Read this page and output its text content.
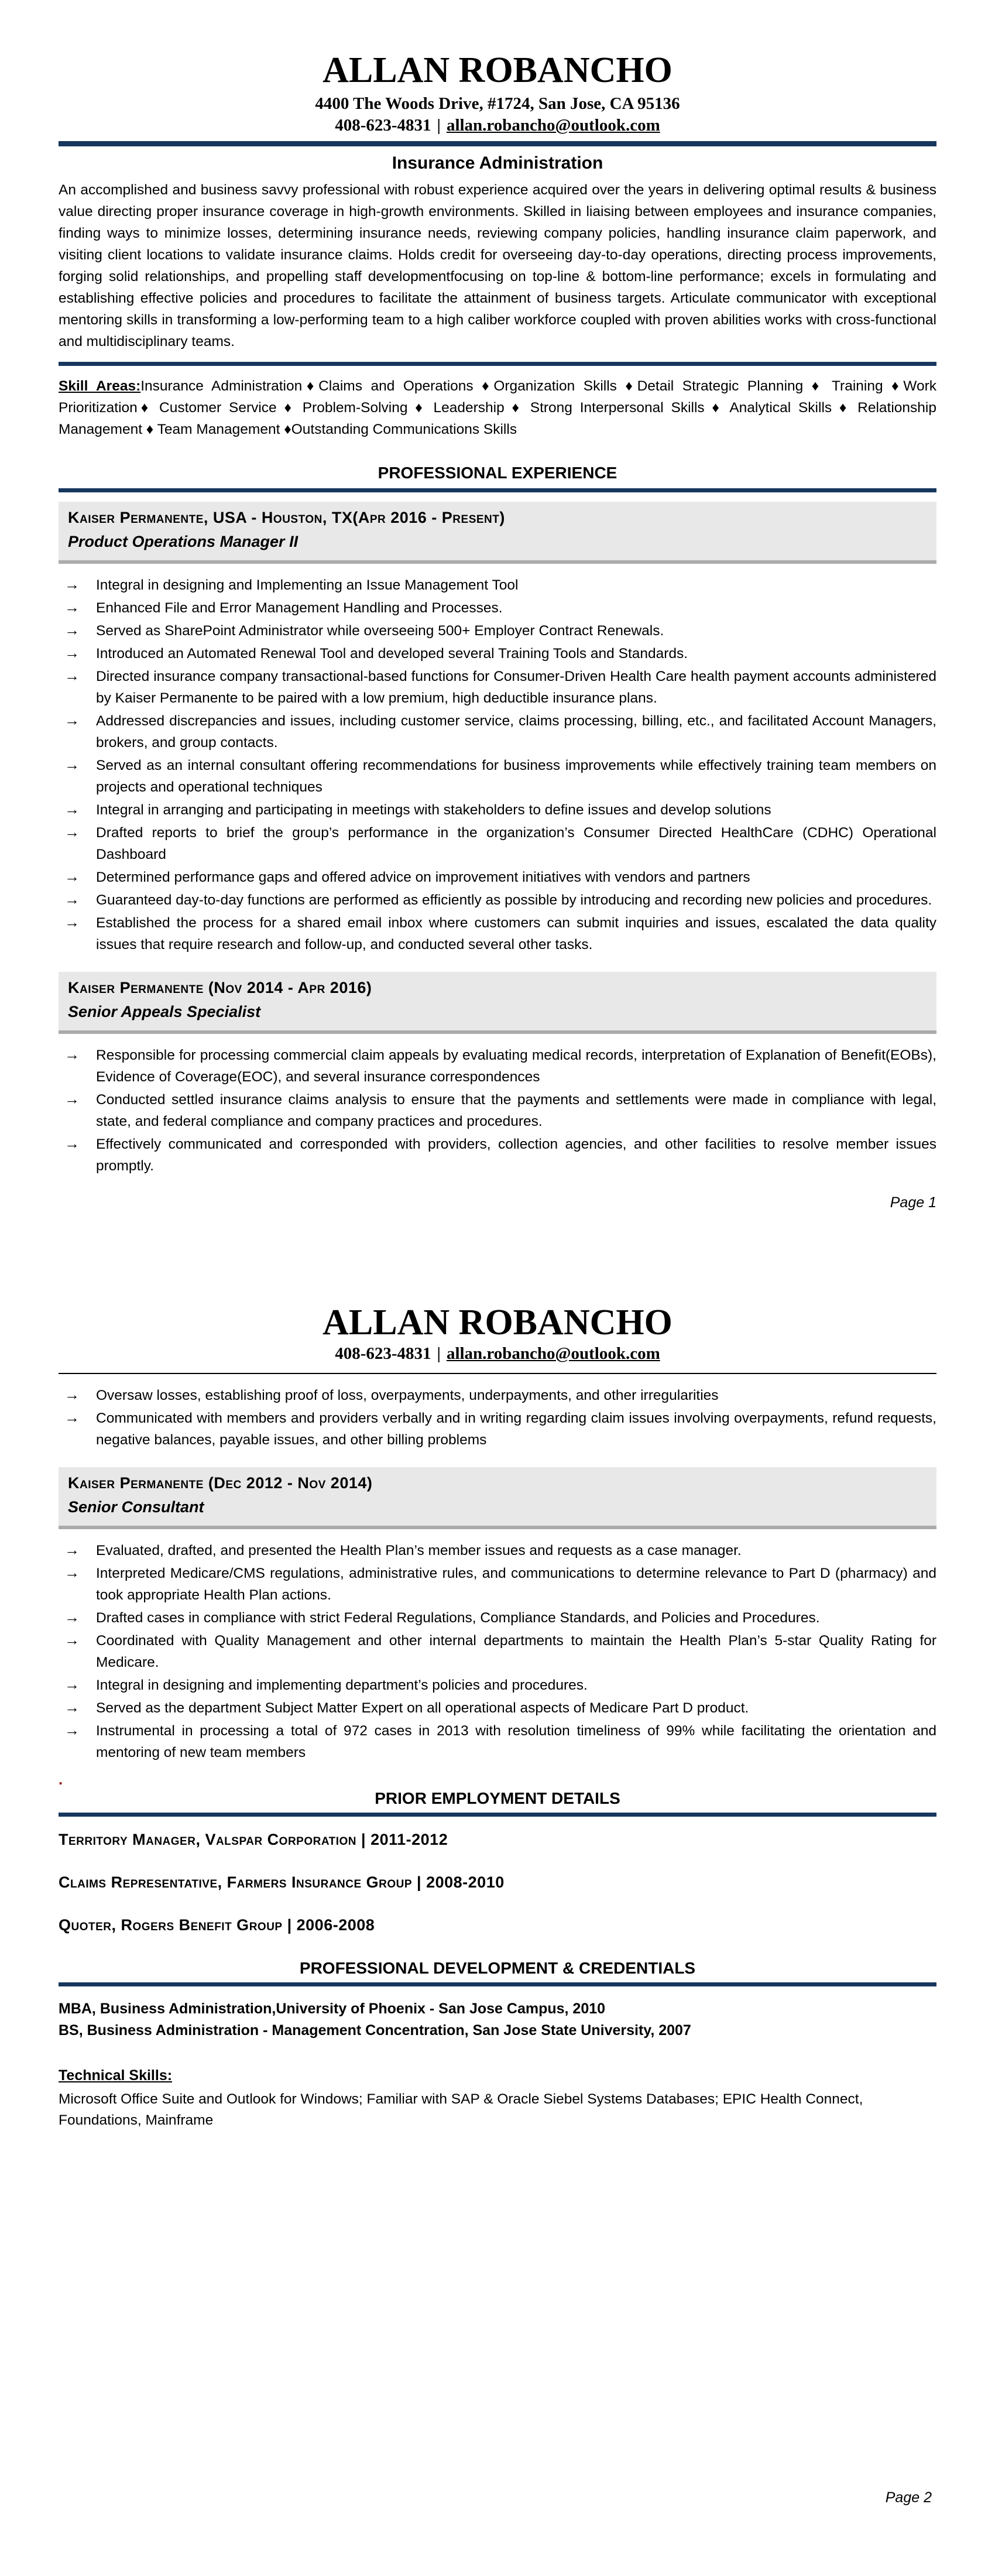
ALLAN ROBANCHO
4400 The Woods Drive, #1724, San Jose, CA 95136
408-623-4831 | allan.robancho@outlook.com
Insurance Administration
An accomplished and business savvy professional with robust experience acquired over the years in delivering optimal results & business value directing proper insurance coverage in high-growth environments. Skilled in liaising between employees and insurance companies, finding ways to minimize losses, determining insurance needs, reviewing company policies, handling insurance claim paperwork, and visiting client locations to validate insurance claims. Holds credit for overseeing day-to-day operations, directing process improvements, forging solid relationships, and propelling staff developmentfocusing on top-line & bottom-line performance; excels in formulating and establishing effective policies and procedures to facilitate the attainment of business targets. Articulate communicator with exceptional mentoring skills in transforming a low-performing team to a high caliber workforce coupled with proven abilities works with cross-functional and multidisciplinary teams.
Skill Areas:Insurance Administration♦Claims and Operations ♦Organization Skills ♦Detail Strategic Planning ♦ Training ♦Work Prioritization♦ Customer Service ♦ Problem-Solving ♦ Leadership ♦ Strong Interpersonal Skills ♦ Analytical Skills ♦ Relationship Management ♦ Team Management ♦Outstanding Communications Skills
PROFESSIONAL EXPERIENCE
Kaiser Permanente, USA - Houston, TX(Apr 2016 - Present)
Product Operations Manager II
→ Integral in designing and Implementing an Issue Management Tool
→ Enhanced File and Error Management Handling and Processes.
→ Served as SharePoint Administrator while overseeing 500+ Employer Contract Renewals.
→ Introduced an Automated Renewal Tool and developed several Training Tools and Standards.
→ Directed insurance company transactional-based functions for Consumer-Driven Health Care health payment accounts administered by Kaiser Permanente to be paired with a low premium, high deductible insurance plans.
→ Addressed discrepancies and issues, including customer service, claims processing, billing, etc., and facilitated Account Managers, brokers, and group contacts.
→ Served as an internal consultant offering recommendations for business improvements while effectively training team members on projects and operational techniques
→ Integral in arranging and participating in meetings with stakeholders to define issues and develop solutions
→ Drafted reports to brief the group’s performance in the organization’s Consumer Directed HealthCare (CDHC) Operational Dashboard
→ Determined performance gaps and offered advice on improvement initiatives with vendors and partners
→ Guaranteed day-to-day functions are performed as efficiently as possible by introducing and recording new policies and procedures.
→ Established the process for a shared email inbox where customers can submit inquiries and issues, escalated the data quality issues that require research and follow-up, and conducted several other tasks.
Kaiser Permanente (Nov 2014 - Apr 2016)
Senior Appeals Specialist
→ Responsible for processing commercial claim appeals by evaluating medical records, interpretation of Explanation of Benefit(EOBs), Evidence of Coverage(EOC), and several insurance correspondences
→ Conducted settled insurance claims analysis to ensure that the payments and settlements were made in compliance with legal, state, and federal compliance and company practices and procedures.
→ Effectively communicated and corresponded with providers, collection agencies, and other facilities to resolve member issues promptly.
Page 1
ALLAN ROBANCHO
408-623-4831 | allan.robancho@outlook.com
→ Oversaw losses, establishing proof of loss, overpayments, underpayments, and other irregularities
→ Communicated with members and providers verbally and in writing regarding claim issues involving overpayments, refund requests, negative balances, payable issues, and other billing problems
Kaiser Permanente (Dec 2012 - Nov 2014)
Senior Consultant
→ Evaluated, drafted, and presented the Health Plan’s member issues and requests as a case manager.
→ Interpreted Medicare/CMS regulations, administrative rules, and communications to determine relevance to Part D (pharmacy) and took appropriate Health Plan actions.
→ Drafted cases in compliance with strict Federal Regulations, Compliance Standards, and Policies and Procedures.
→ Coordinated with Quality Management and other internal departments to maintain the Health Plan’s 5-star Quality Rating for Medicare.
→ Integral in designing and implementing department’s policies and procedures.
→ Served as the department Subject Matter Expert on all operational aspects of Medicare Part D product.
→ Instrumental in processing a total of 972 cases in 2013 with resolution timeliness of 99% while facilitating the orientation and mentoring of new team members
.
PRIOR EMPLOYMENT DETAILS
Territory Manager, Valspar Corporation | 2011-2012
Claims Representative, Farmers Insurance Group | 2008-2010
Quoter, Rogers Benefit Group | 2006-2008
PROFESSIONAL DEVELOPMENT & CREDENTIALS
MBA, Business Administration,University of Phoenix - San Jose Campus, 2010
BS, Business Administration - Management Concentration, San Jose State University, 2007
Technical Skills:
Microsoft Office Suite and Outlook for Windows; Familiar with SAP & Oracle Siebel Systems Databases; EPIC Health Connect, Foundations, Mainframe
Page 2
